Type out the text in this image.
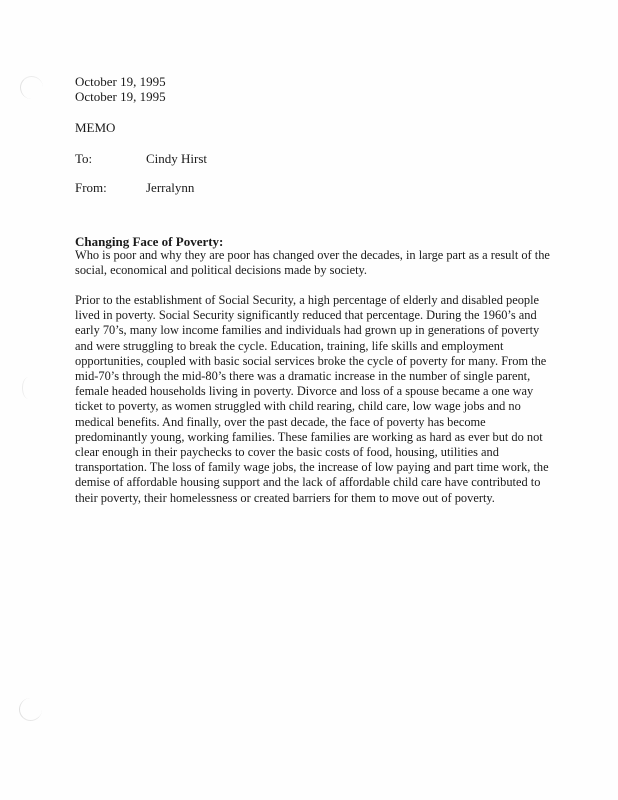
October 19, 1995
October 19, 1995
MEMO
To:	Cindy Hirst
From:	Jerralynn
Changing Face of Poverty:
Who is poor and why they are poor has changed over the decades, in large part as a result of the
social, economical and political decisions made by society.
Prior to the establishment of Social Security, a high percentage of elderly and disabled people
lived in poverty. Social Security significantly reduced that percentage. During the 1960’s and
early 70’s, many low income families and individuals had grown up in generations of poverty
and were struggling to break the cycle. Education, training, life skills and employment
opportunities, coupled with basic social services broke the cycle of poverty for many. From the
mid-70’s through the mid-80’s there was a dramatic increase in the number of single parent,
female headed households living in poverty. Divorce and loss of a spouse became a one way
ticket to poverty, as women struggled with child rearing, child care, low wage jobs and no
medical benefits. And finally, over the past decade, the face of poverty has become
predominantly young, working families. These families are working as hard as ever but do not
clear enough in their paychecks to cover the basic costs of food, housing, utilities and
transportation. The loss of family wage jobs, the increase of low paying and part time work, the
demise of affordable housing support and the lack of affordable child care have contributed to
their poverty, their homelessness or created barriers for them to move out of poverty.
